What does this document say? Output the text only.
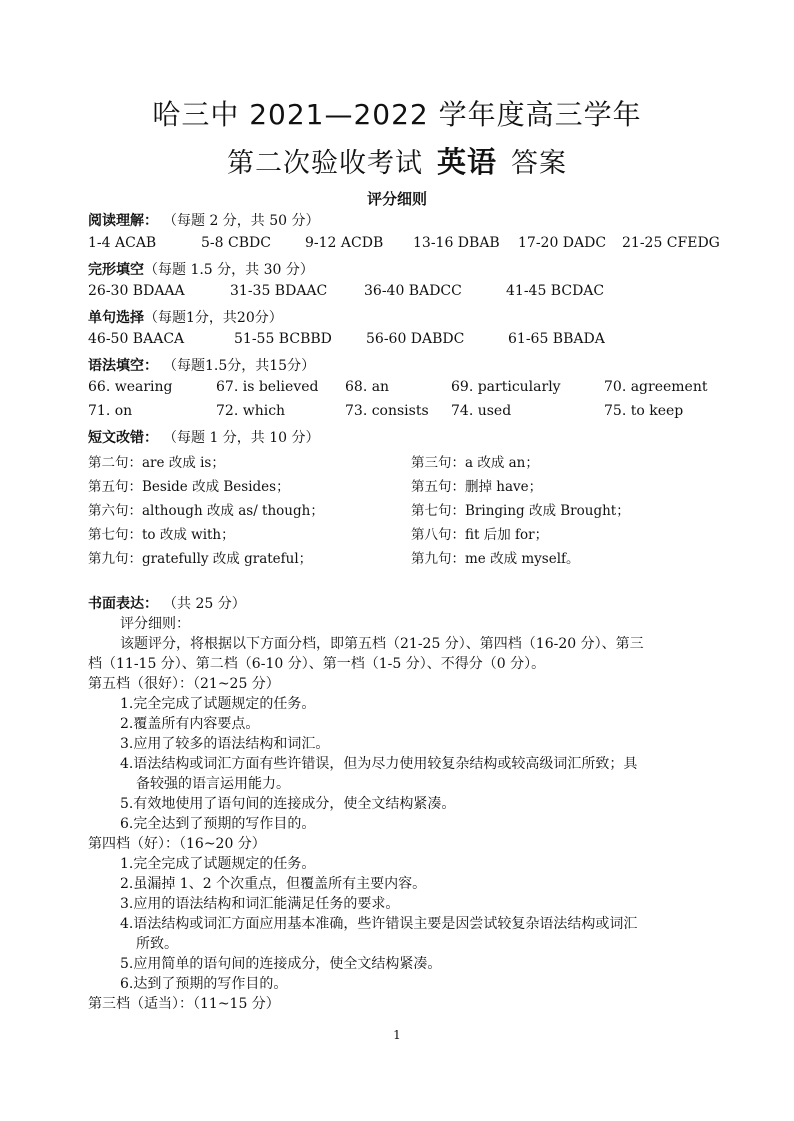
哈三中 2021—2022 学年度高三学年
第二次验收考试 英语 答案
评分细则
阅读理解： （每题 2 分，共 50 分）
1-4 ACAB	5-8 CBDC 9-12 ACDB 13-16 DBAB 17-20 DADC 21-25 CFEDG
完形填空（每题 1.5 分，共 30 分）
26-30 BDAAA	31-35 BDAAC	36-40 BADCC	41-45 BCDAC
单句选择（每题1分，共20分）
46-50 BAACA	51-55 BCBBD 56-60 DABDC	61-65 BBADA
语法填空： （每题1.5分，共15分）
66. wearing	67. is believed 68. an	69. particularly	70. agreement
71. on	72. which	73. consists 74. used	75. to keep
短文改错： （每题 1 分，共 10 分）
第二句：are 改成 is；	第三句：a 改成 an；
第五句：Beside 改成 Besides；	第五句：删掉 have；
第六句：although 改成 as/ though；	第七句：Bringing 改成 Brought；
第七句：to 改成 with；	第八句：fit 后加 for；
第九句：gratefully 改成 grateful；	第九句：me 改成 myself。
书面表达： （共 25 分）
评分细则：
该题评分，将根据以下方面分档，即第五档（21-25 分）、第四档（16-20 分）、第三
档（11-15 分）、第二档（6-10 分）、第一档（1-5 分）、不得分（0 分）。
第五档（很好）：（21~25 分）
1.完全完成了试题规定的任务。
2.覆盖所有内容要点。
3.应用了较多的语法结构和词汇。
4.语法结构或词汇方面有些许错误，但为尽力使用较复杂结构或较高级词汇所致；具
备较强的语言运用能力。
5.有效地使用了语句间的连接成分，使全文结构紧凑。
6.完全达到了预期的写作目的。
第四档（好）：（16~20 分）
1.完全完成了试题规定的任务。
2.虽漏掉 1、2 个次重点，但覆盖所有主要内容。
3.应用的语法结构和词汇能满足任务的要求。
4.语法结构或词汇方面应用基本准确，些许错误主要是因尝试较复杂语法结构或词汇
所致。
5.应用简单的语句间的连接成分，使全文结构紧凑。
6.达到了预期的写作目的。
第三档（适当）：（11~15 分）
1
